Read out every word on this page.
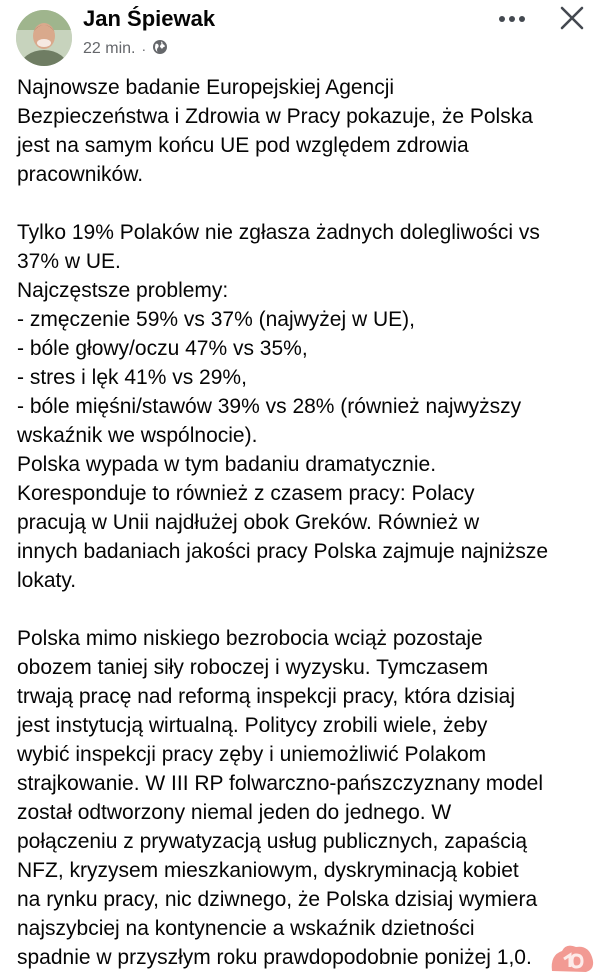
Jan Śpiewak
22 min. ·
Najnowsze badanie Europejskiej Agencji
Bezpieczeństwa i Zdrowia w Pracy pokazuje, że Polska
jest na samym końcu UE pod względem zdrowia
pracowników.
Tylko 19% Polaków nie zgłasza żadnych dolegliwości vs
37% w UE.
Najczęstsze problemy:
- zmęczenie 59% vs 37% (najwyżej w UE),
- bóle głowy/oczu 47% vs 35%,
- stres i lęk 41% vs 29%,
- bóle mięśni/stawów 39% vs 28% (również najwyższy
wskaźnik we wspólnocie).
Polska wypada w tym badaniu dramatycznie.
Koresponduje to również z czasem pracy: Polacy
pracują w Unii najdłużej obok Greków. Również w
innych badaniach jakości pracy Polska zajmuje najniższe
lokaty.
Polska mimo niskiego bezrobocia wciąż pozostaje
obozem taniej siły roboczej i wyzysku. Tymczasem
trwają pracę nad reformą inspekcji pracy, która dzisiaj
jest instytucją wirtualną. Politycy zrobili wiele, żeby
wybić inspekcji pracy zęby i uniemożliwić Polakom
strajkowanie. W III RP folwarczno-pańszczyznany model
został odtworzony niemal jeden do jednego. W
połączeniu z prywatyzacją usług publicznych, zapaścią
NFZ, kryzysem mieszkaniowym, dyskryminacją kobiet
na rynku pracy, nic dziwnego, że Polska dzisiaj wymiera
najszybciej na kontynencie a wskaźnik dzietności
spadnie w przyszłym roku prawdopodobnie poniżej 1,0.
